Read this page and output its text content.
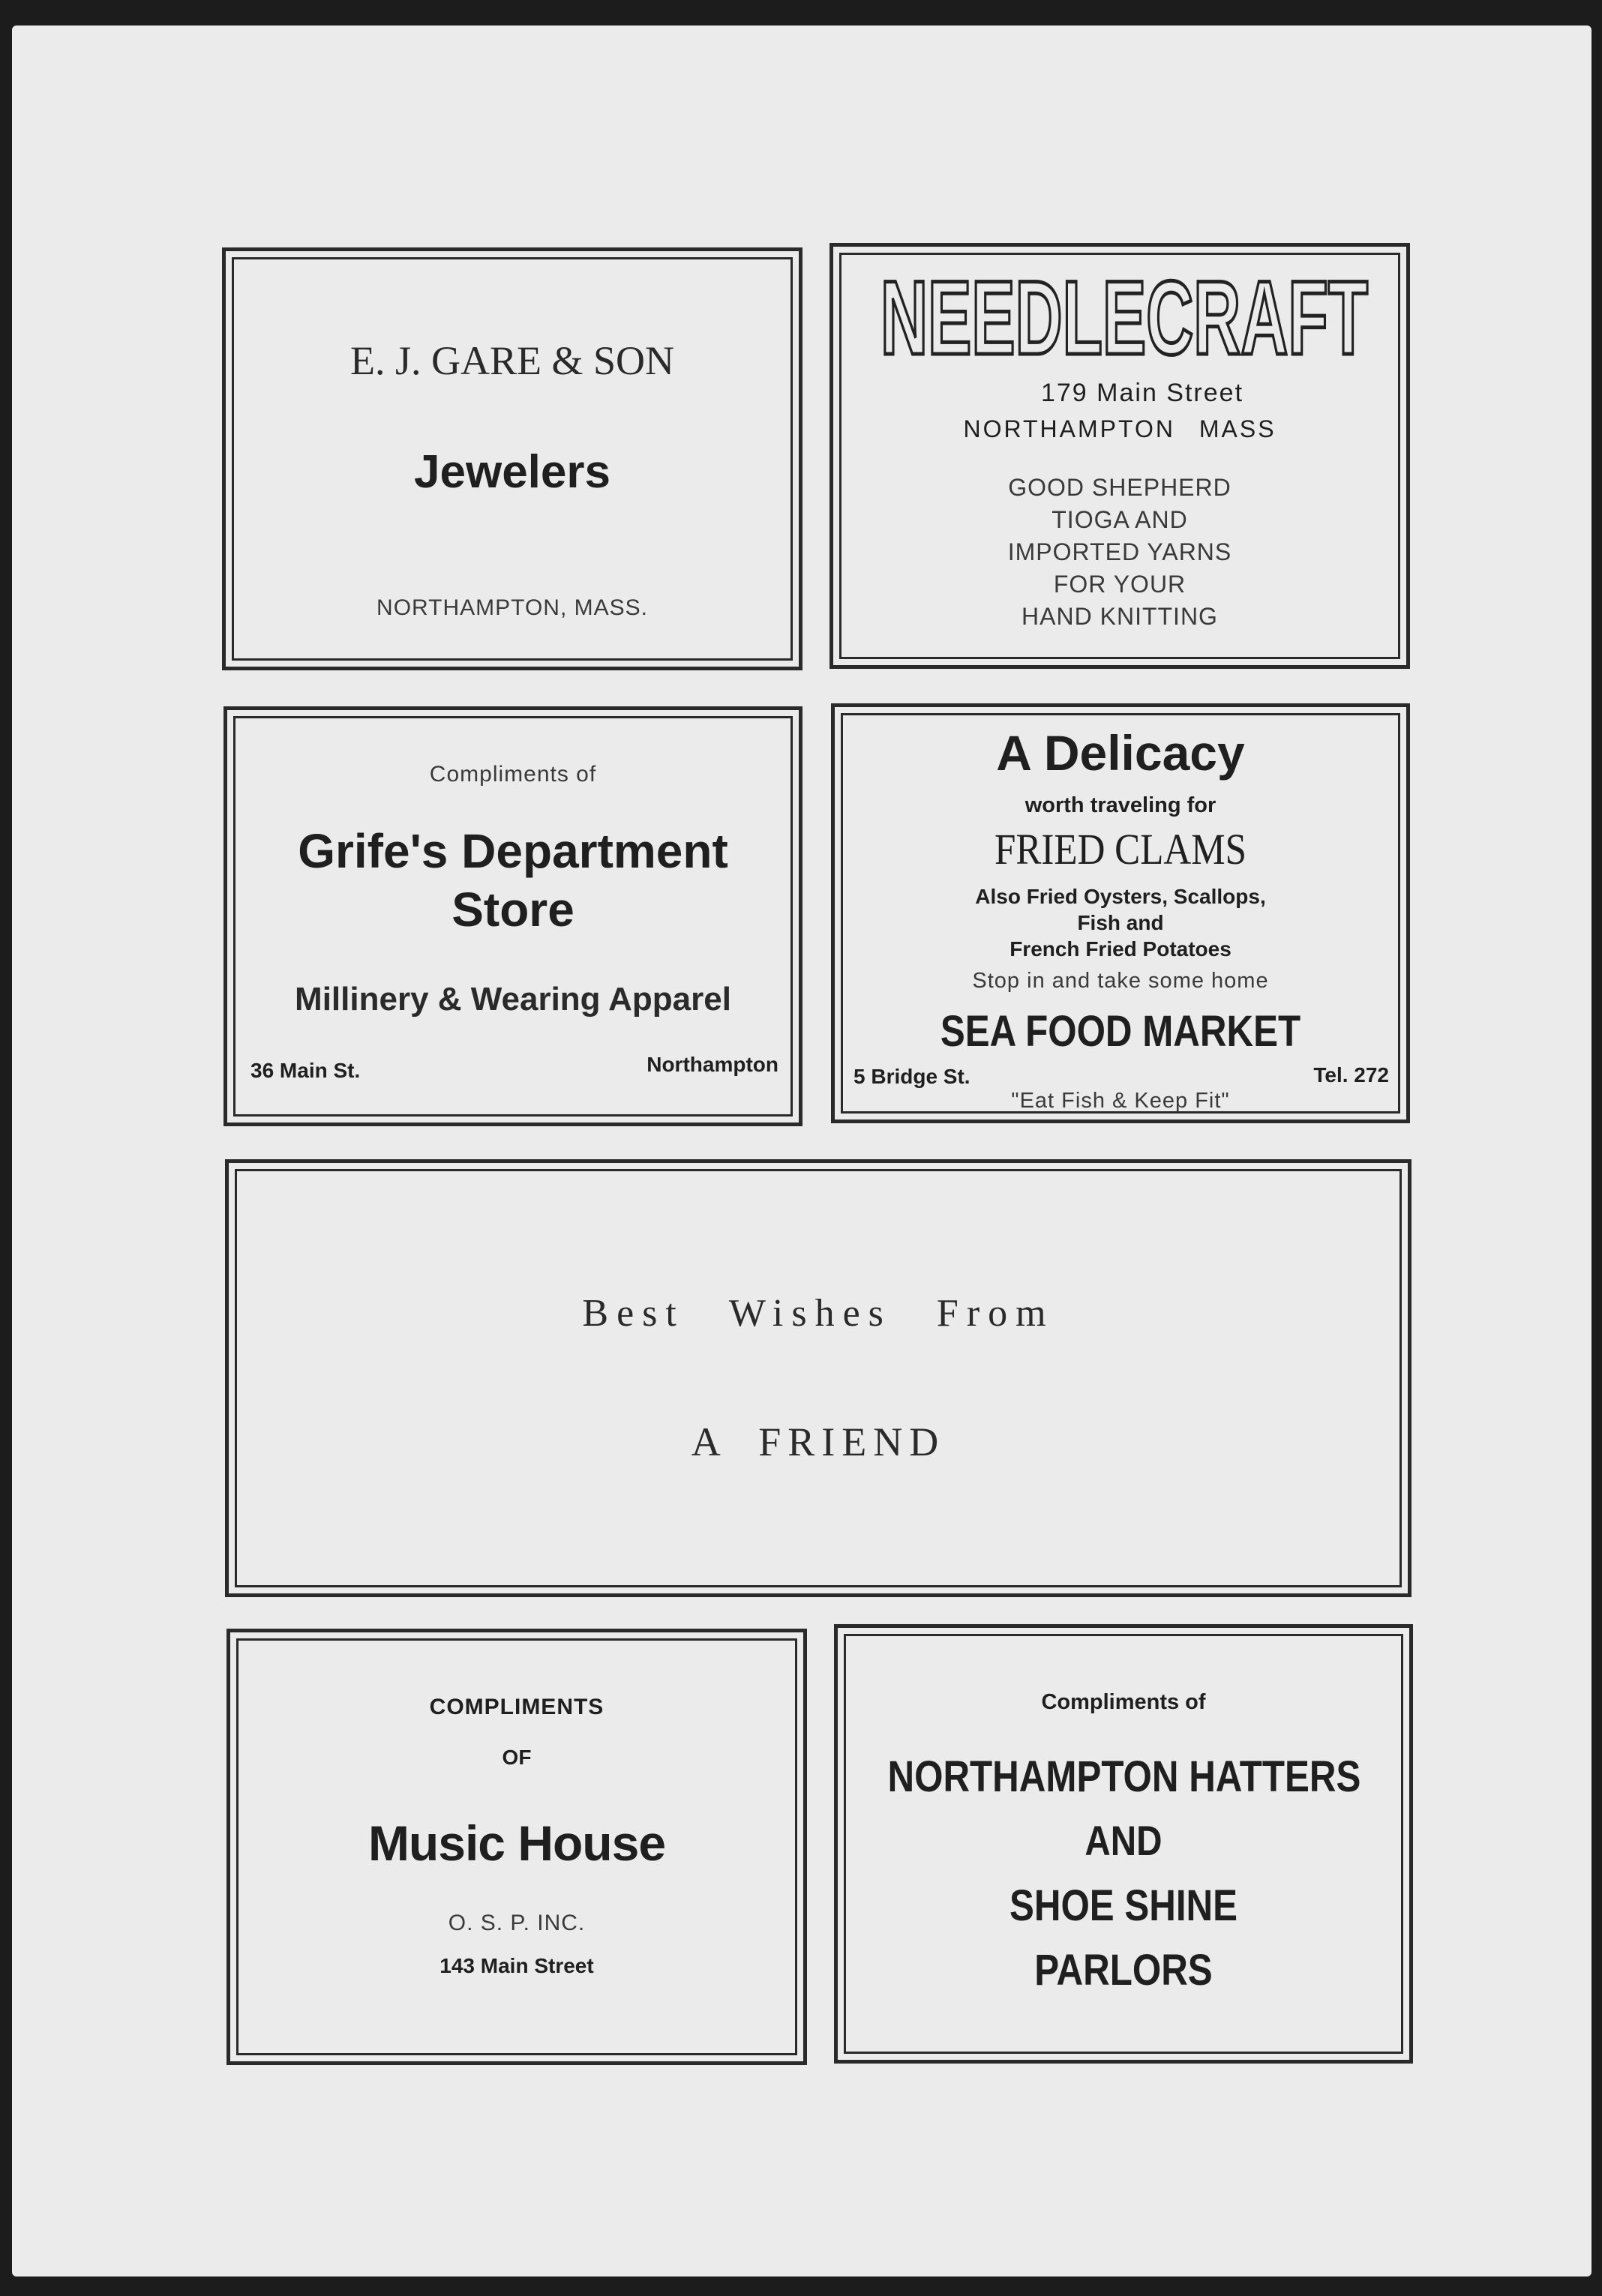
E. J. GARE & SON
Jewelers
NORTHAMPTON, MASS.
NEEDLECRAFT
179 Main Street
NORTHAMPTON MASS
GOOD SHEPHERD
TIOGA AND
IMPORTED YARNS
FOR YOUR
HAND KNITTING
Compliments of
Grife's Department
Store
Millinery & Wearing Apparel
36 Main St.	Northampton
A Delicacy
worth traveling for
FRIED CLAMS
Also Fried Oysters, Scallops,
Fish and
French Fried Potatoes
Stop in and take some home
SEA FOOD MARKET
5 Bridge St.	Tel. 272
"Eat Fish & Keep Fit"
Best Wishes From
A FRIEND
COMPLIMENTS
OF
Music House
O. S. P. INC.
143 Main Street
Compliments of
NORTHAMPTON HATTERS
AND
SHOE SHINE
PARLORS
